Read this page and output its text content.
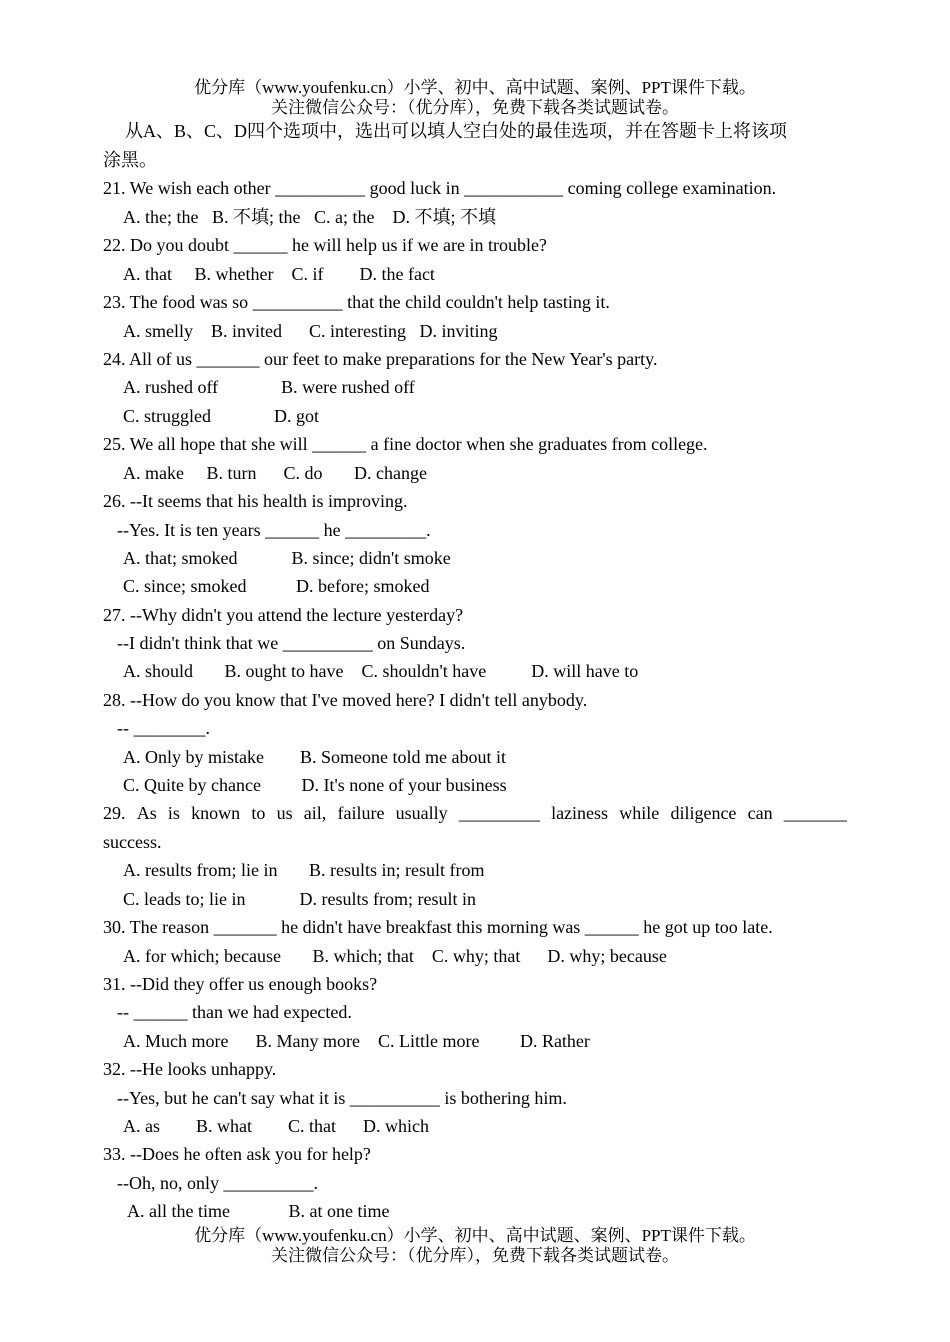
优分库（www.youfenku.cn）小学、初中、高中试题、案例、PPT课件下载。
关注微信公众号：（优分库），免费下载各类试题试卷。
从A、B、C、D四个选项中，选出可以填人空白处的最佳选项，并在答题卡上将该项
涂黑。
21. We wish each other __________ good luck in ___________ coming college examination.
A. the; the   B. 不填; the   C. a; the    D. 不填; 不填
22. Do you doubt ______ he will help us if we are in trouble?
A. that     B. whether    C. if        D. the fact
23. The food was so __________ that the child couldn't help tasting it.
A. smelly    B. invited      C. interesting   D. inviting
24. All of us _______ our feet to make preparations for the New Year's party.
A. rushed off              B. were rushed off
C. struggled              D. got
25. We all hope that she will ______ a fine doctor when she graduates from college.
A. make     B. turn      C. do       D. change
26. --It seems that his health is improving.
--Yes. It is ten years ______ he _________.
A. that; smoked            B. since; didn't smoke
C. since; smoked           D. before; smoked
27. --Why didn't you attend the lecture yesterday?
--I didn't think that we __________ on Sundays.
A. should       B. ought to have    C. shouldn't have          D. will have to
28. --How do you know that I've moved here? I didn't tell anybody.
-- ________.
A. Only by mistake        B. Someone told me about it
C. Quite by chance         D. It's none of your business
29. As is known to us ail, failure usually _________ laziness while diligence can _______
success.
A. results from; lie in       B. results in; result from
C. leads to; lie in            D. results from; result in
30. The reason _______ he didn't have breakfast this morning was ______ he got up too late.
A. for which; because       B. which; that    C. why; that      D. why; because
31. --Did they offer us enough books?
-- ______ than we had expected.
A. Much more      B. Many more    C. Little more         D. Rather
32. --He looks unhappy.
--Yes, but he can't say what it is __________ is bothering him.
A. as        B. what        C. that      D. which
33. --Does he often ask you for help?
--Oh, no, only __________.
A. all the time             B. at one time
优分库（www.youfenku.cn）小学、初中、高中试题、案例、PPT课件下载。
关注微信公众号：（优分库），免费下载各类试题试卷。
